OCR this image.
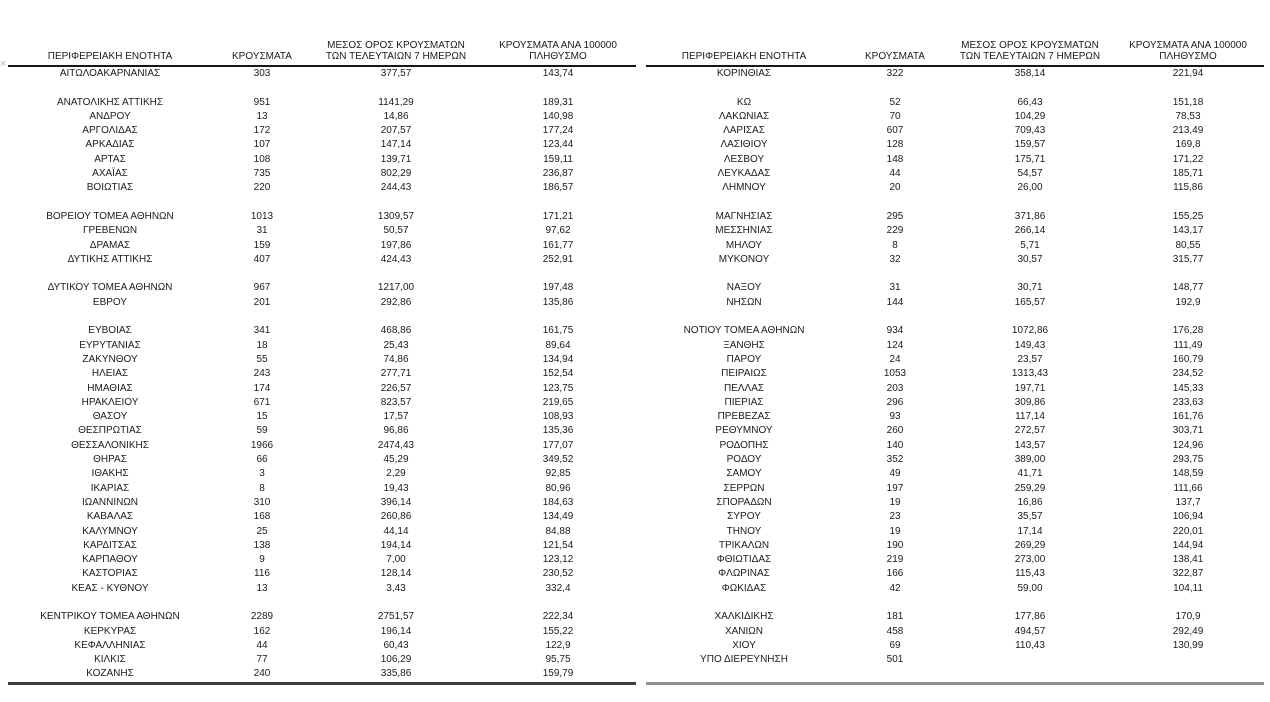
×
ΠΕΡΙΦΕΡΕΙΑΚΗ ΕΝΟΤΗΤΑ	ΚΡΟΥΣΜΑΤΑ	ΜΕΣΟΣ ΟΡΟΣ ΚΡΟΥΣΜΑΤΩΝ
ΤΩΝ ΤΕΛΕΥΤΑΙΩΝ 7 ΗΜΕΡΩΝ	ΚΡΟΥΣΜΑΤΑ ΑΝΑ 100000
ΠΛΗΘΥΣΜΟ
ΑΙΤΩΛΟΑΚΑΡΝΑΝΙΑΣ	303	377,57	143,74

ΑΝΑΤΟΛΙΚΗΣ ΑΤΤΙΚΗΣ	951	1141,29	189,31
ΑΝΔΡΟΥ	13	14,86	140,98
ΑΡΓΟΛΙΔΑΣ	172	207,57	177,24
ΑΡΚΑΔΙΑΣ	107	147,14	123,44
ΑΡΤΑΣ	108	139,71	159,11
ΑΧΑΪΑΣ	735	802,29	236,87
ΒΟΙΩΤΙΑΣ	220	244,43	186,57

ΒΟΡΕΙΟΥ ΤΟΜΕΑ ΑΘΗΝΩΝ	1013	1309,57	171,21
ΓΡΕΒΕΝΩΝ	31	50,57	97,62
ΔΡΑΜΑΣ	159	197,86	161,77
ΔΥΤΙΚΗΣ ΑΤΤΙΚΗΣ	407	424,43	252,91

ΔΥΤΙΚΟΥ ΤΟΜΕΑ ΑΘΗΝΩΝ	967	1217,00	197,48
ΕΒΡΟΥ	201	292,86	135,86

ΕΥΒΟΙΑΣ	341	468,86	161,75
ΕΥΡΥΤΑΝΙΑΣ	18	25,43	89,64
ΖΑΚΥΝΘΟΥ	55	74,86	134,94
ΗΛΕΙΑΣ	243	277,71	152,54
ΗΜΑΘΙΑΣ	174	226,57	123,75
ΗΡΑΚΛΕΙΟΥ	671	823,57	219,65
ΘΑΣΟΥ	15	17,57	108,93
ΘΕΣΠΡΩΤΙΑΣ	59	96,86	135,36
ΘΕΣΣΑΛΟΝΙΚΗΣ	1966	2474,43	177,07
ΘΗΡΑΣ	66	45,29	349,52
ΙΘΑΚΗΣ	3	2,29	92,85
ΙΚΑΡΙΑΣ	8	19,43	80,96
ΙΩΑΝΝΙΝΩΝ	310	396,14	184,63
ΚΑΒΑΛΑΣ	168	260,86	134,49
ΚΑΛΥΜΝΟΥ	25	44,14	84,88
ΚΑΡΔΙΤΣΑΣ	138	194,14	121,54
ΚΑΡΠΑΘΟΥ	9	7,00	123,12
ΚΑΣΤΟΡΙΑΣ	116	128,14	230,52
ΚΕΑΣ - ΚΥΘΝΟΥ	13	3,43	332,4

ΚΕΝΤΡΙΚΟΥ ΤΟΜΕΑ ΑΘΗΝΩΝ	2289	2751,57	222,34
ΚΕΡΚΥΡΑΣ	162	196,14	155,22
ΚΕΦΑΛΛΗΝΙΑΣ	44	60,43	122,9
ΚΙΛΚΙΣ	77	106,29	95,75
ΚΟΖΑΝΗΣ	240	335,86	159,79
ΠΕΡΙΦΕΡΕΙΑΚΗ ΕΝΟΤΗΤΑ	ΚΡΟΥΣΜΑΤΑ	ΜΕΣΟΣ ΟΡΟΣ ΚΡΟΥΣΜΑΤΩΝ
ΤΩΝ ΤΕΛΕΥΤΑΙΩΝ 7 ΗΜΕΡΩΝ	ΚΡΟΥΣΜΑΤΑ ΑΝΑ 100000
ΠΛΗΘΥΣΜΟ
ΚΟΡΙΝΘΙΑΣ	322	358,14	221,94

ΚΩ	52	66,43	151,18
ΛΑΚΩΝΙΑΣ	70	104,29	78,53
ΛΑΡΙΣΑΣ	607	709,43	213,49
ΛΑΣΙΘΙΟΥ	128	159,57	169,8
ΛΕΣΒΟΥ	148	175,71	171,22
ΛΕΥΚΑΔΑΣ	44	54,57	185,71
ΛΗΜΝΟΥ	20	26,00	115,86

ΜΑΓΝΗΣΙΑΣ	295	371,86	155,25
ΜΕΣΣΗΝΙΑΣ	229	266,14	143,17
ΜΗΛΟΥ	8	5,71	80,55
ΜΥΚΟΝΟΥ	32	30,57	315,77

ΝΑΞΟΥ	31	30,71	148,77
ΝΗΣΩΝ	144	165,57	192,9

ΝΟΤΙΟΥ ΤΟΜΕΑ ΑΘΗΝΩΝ	934	1072,86	176,28
ΞΑΝΘΗΣ	124	149,43	111,49
ΠΑΡΟΥ	24	23,57	160,79
ΠΕΙΡΑΙΩΣ	1053	1313,43	234,52
ΠΕΛΛΑΣ	203	197,71	145,33
ΠΙΕΡΙΑΣ	296	309,86	233,63
ΠΡΕΒΕΖΑΣ	93	117,14	161,76
ΡΕΘΥΜΝΟΥ	260	272,57	303,71
ΡΟΔΟΠΗΣ	140	143,57	124,96
ΡΟΔΟΥ	352	389,00	293,75
ΣΑΜΟΥ	49	41,71	148,59
ΣΕΡΡΩΝ	197	259,29	111,66
ΣΠΟΡΑΔΩΝ	19	16,86	137,7
ΣΥΡΟΥ	23	35,57	106,94
ΤΗΝΟΥ	19	17,14	220,01
ΤΡΙΚΑΛΩΝ	190	269,29	144,94
ΦΘΙΩΤΙΔΑΣ	219	273,00	138,41
ΦΛΩΡΙΝΑΣ	166	115,43	322,87
ΦΩΚΙΔΑΣ	42	59,00	104,11

ΧΑΛΚΙΔΙΚΗΣ	181	177,86	170,9
ΧΑΝΙΩΝ	458	494,57	292,49
ΧΙΟΥ	69	110,43	130,99
ΥΠΟ ΔΙΕΡΕΥΝΗΣΗ	501		
